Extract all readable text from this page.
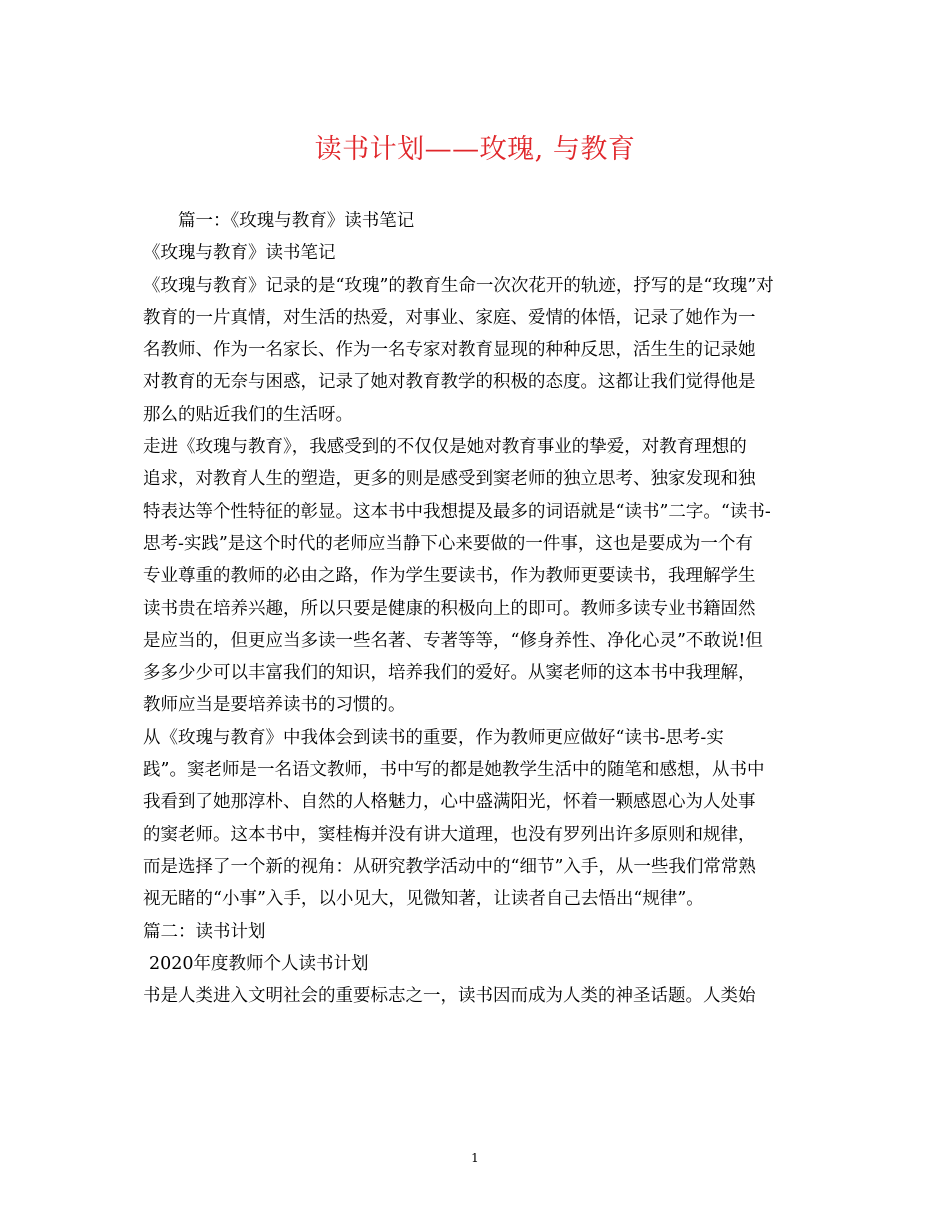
读书计划——玫瑰, 与教育
篇一：《玫瑰与教育》读书笔记
《玫瑰与教育》读书笔记
《玫瑰与教育》记录的是“玫瑰”的教育生命一次次花开的轨迹，抒写的是“玫瑰”对
教育的一片真情，对生活的热爱，对事业、家庭、爱情的体悟，记录了她作为一
名教师、作为一名家长、作为一名专家对教育显现的种种反思，活生生的记录她
对教育的无奈与困惑，记录了她对教育教学的积极的态度。这都让我们觉得他是
那么的贴近我们的生活呀。
走进《玫瑰与教育》，我感受到的不仅仅是她对教育事业的挚爱，对教育理想的
追求，对教育人生的塑造，更多的则是感受到窦老师的独立思考、独家发现和独
特表达等个性特征的彰显。这本书中我想提及最多的词语就是“读书”二字。“读书-
思考-实践”是这个时代的老师应当静下心来要做的一件事，这也是要成为一个有
专业尊重的教师的必由之路，作为学生要读书，作为教师更要读书，我理解学生
读书贵在培养兴趣，所以只要是健康的积极向上的即可。教师多读专业书籍固然
是应当的，但更应当多读一些名著、专著等等，“修身养性、净化心灵”不敢说!但
多多少少可以丰富我们的知识，培养我们的爱好。从窦老师的这本书中我理解，
教师应当是要培养读书的习惯的。
从《玫瑰与教育》中我体会到读书的重要，作为教师更应做好“读书-思考-实
践”。窦老师是一名语文教师，书中写的都是她教学生活中的随笔和感想，从书中
我看到了她那淳朴、自然的人格魅力，心中盛满阳光，怀着一颗感恩心为人处事
的窦老师。这本书中，窦桂梅并没有讲大道理，也没有罗列出许多原则和规律，
而是选择了一个新的视角：从研究教学活动中的“细节”入手，从一些我们常常熟
视无睹的“小事”入手，以小见大，见微知著，让读者自己去悟出“规律”。
篇二：读书计划
2020年度教师个人读书计划
书是人类进入文明社会的重要标志之一，读书因而成为人类的神圣话题。人类始
1
